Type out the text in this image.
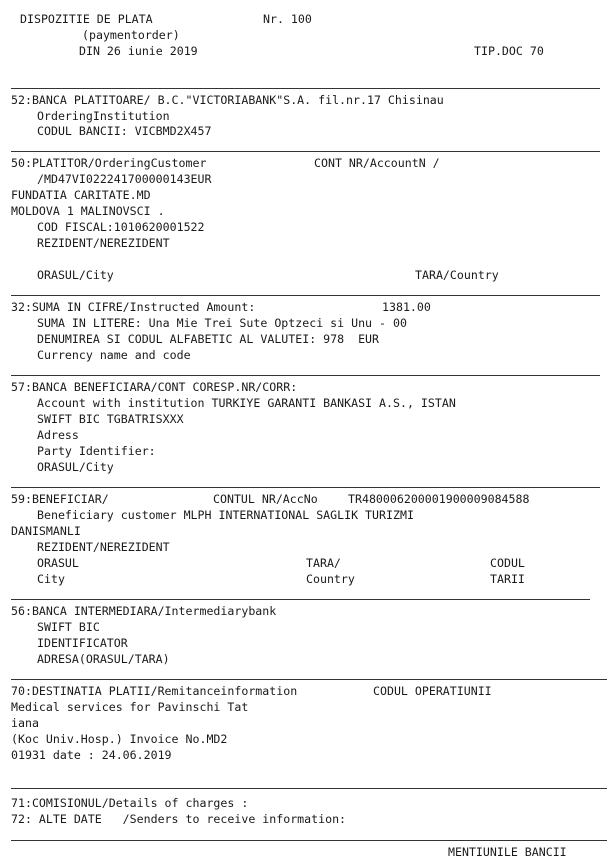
DISPOZITIE DE PLATA	Nr. 100
(paymentorder)
DIN 26 iunie 2019	TIP.DOC 70
52:BANCA PLATITOARE/ B.C."VICTORIABANK"S.A. fil.nr.17 Chisinau
OrderingInstitution
CODUL BANCII: VICBMD2X457
50:PLATITOR/OrderingCustomer	CONT NR/AccountN /
/MD47VI022241700000143EUR
FUNDATIA CARITATE.MD
MOLDOVA 1 MALINOVSCI .
COD FISCAL:1010620001522
REZIDENT/NEREZIDENT
ORASUL/City	TARA/Country
32:SUMA IN CIFRE/Instructed Amount:	1381.00
SUMA IN LITERE: Una Mie Trei Sute Optzeci si Unu - 00
DENUMIREA SI CODUL ALFABETIC AL VALUTEI: 978  EUR
Currency name and code
57:BANCA BENEFICIARA/CONT CORESP.NR/CORR:
Account with institution TURKIYE GARANTI BANKASI A.S., ISTAN
SWIFT BIC TGBATRISXXX
Adress
Party Identifier:
ORASUL/City
59:BENEFICIAR/	CONTUL NR/AccNo	TR480006200001900009084588
Beneficiary customer MLPH INTERNATIONAL SAGLIK TURIZMI
DANISMANLI
REZIDENT/NEREZIDENT
ORASUL	TARA/	CODUL
City	Country	TARII
56:BANCA INTERMEDIARA/Intermediarybank
SWIFT BIC
IDENTIFICATOR
ADRESA(ORASUL/TARA)
70:DESTINATIA PLATII/Remitanceinformation	CODUL OPERATIUNII
Medical services for Pavinschi Tat
iana
(Koc Univ.Hosp.) Invoice No.MD2
01931 date : 24.06.2019
71:COMISIONUL/Details of charges :
72: ALTE DATE   /Senders to receive information:
MENTIUNILE BANCII
